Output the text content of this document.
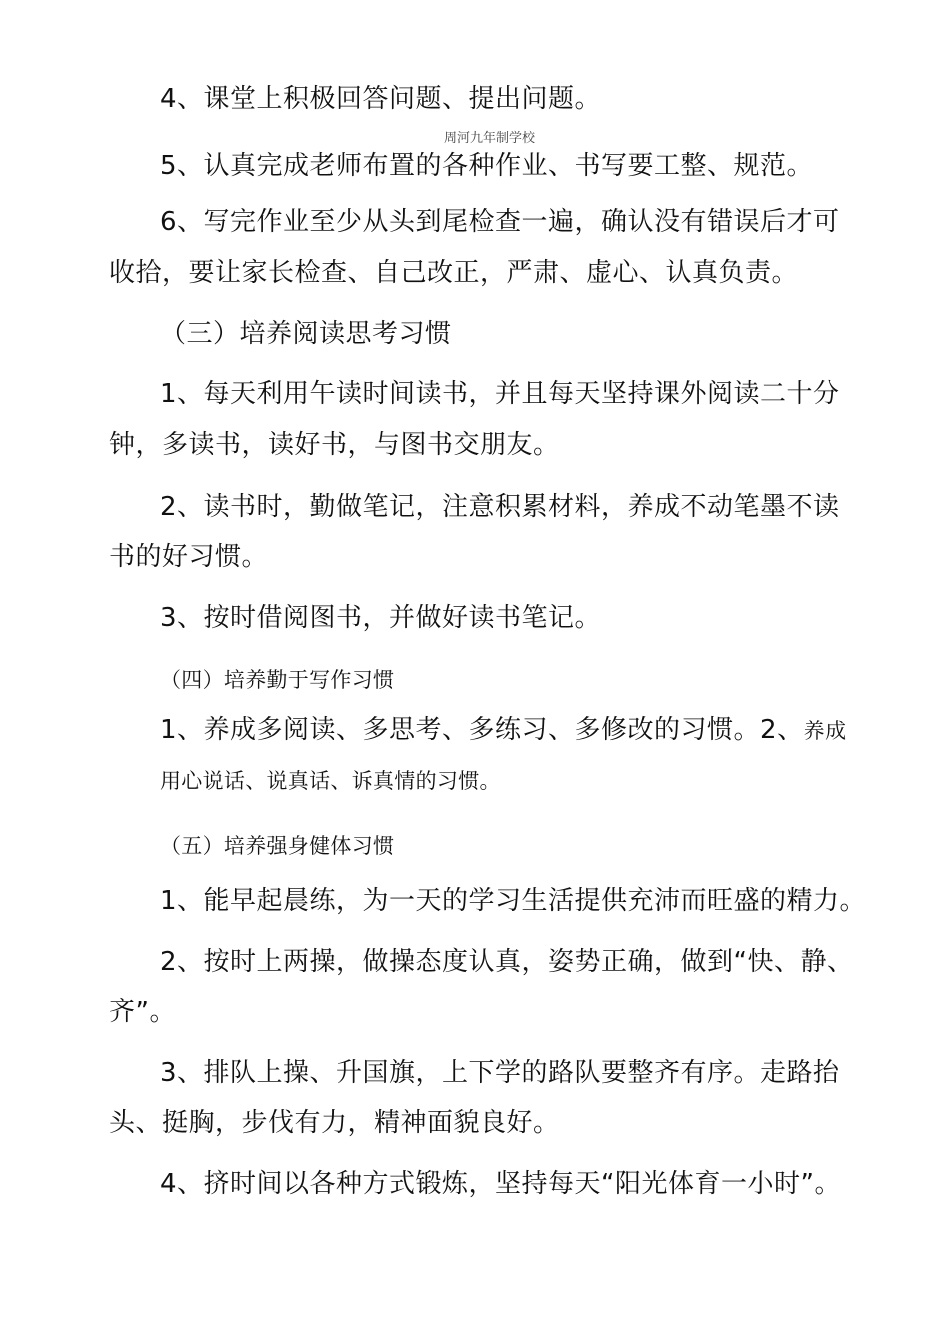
4、课堂上积极回答问题、提出问题。
周河九年制学校
5、认真完成老师布置的各种作业、书写要工整、规范。
6、写完作业至少从头到尾检查一遍，确认没有错误后才可
收拾，要让家长检查、自己改正，严肃、虚心、认真负责。
（三）培养阅读思考习惯
1、每天利用午读时间读书，并且每天坚持课外阅读二十分
钟，多读书，读好书，与图书交朋友。
2、读书时，勤做笔记，注意积累材料，养成不动笔墨不读
书的好习惯。
3、按时借阅图书，并做好读书笔记。
（四）培养勤于写作习惯
1、养成多阅读、多思考、多练习、多修改的习惯。2、养成
用心说话、说真话、诉真情的习惯。
（五）培养强身健体习惯
1、能早起晨练，为一天的学习生活提供充沛而旺盛的精力。
2、按时上两操，做操态度认真，姿势正确，做到“快、静、
齐”。
3、排队上操、升国旗，上下学的路队要整齐有序。走路抬
头、挺胸，步伐有力，精神面貌良好。
4、挤时间以各种方式锻炼，坚持每天“阳光体育一小时”。
